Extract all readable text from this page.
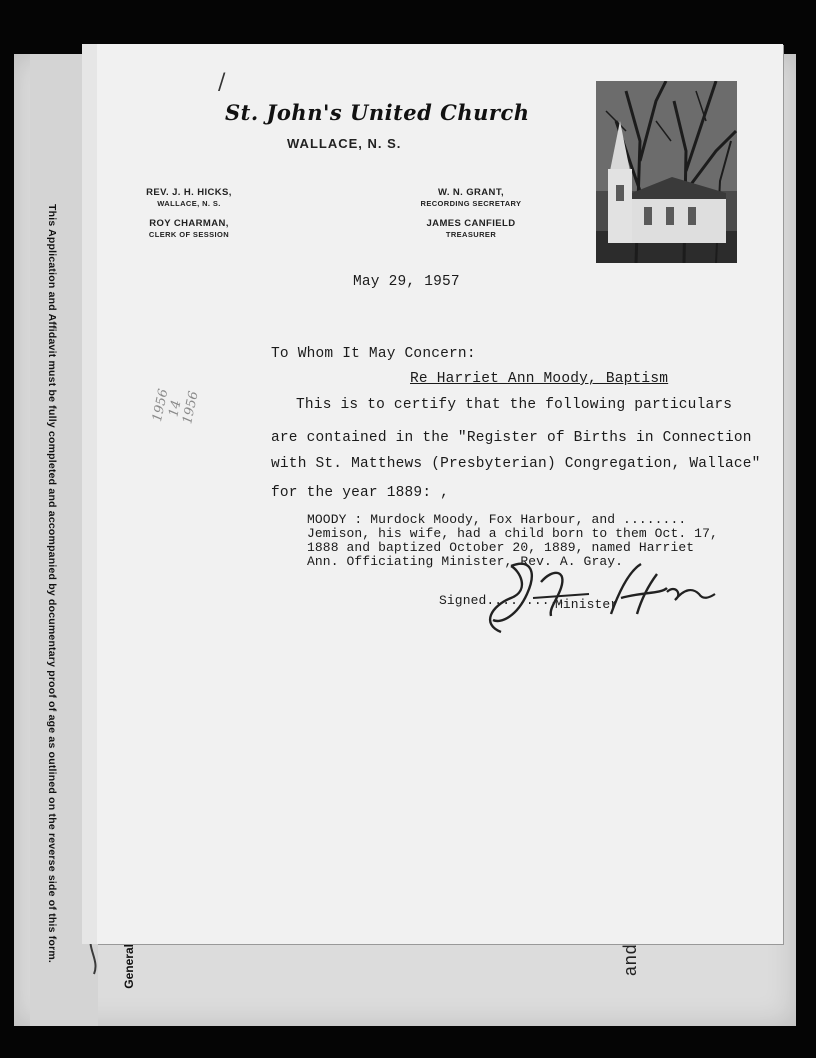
This Application and Affidavit must be fully completed and accompanied by documentary proof of age as outlined on the reverse side of this form.
General	and
St. John's United Church
WALLACE, N. S.
REV. J. H. HICKS,
WALLACE, N. S.
ROY CHARMAN,
CLERK OF SESSION
W. N. GRANT,
RECORDING SECRETARY
JAMES CANFIELD
TREASURER
May 29, 1957
To Whom It May Concern:
Re Harriet Ann Moody, Baptism
This is to certify that the following particulars
are contained in the "Register of Births in Connection
with St. Matthews (Presbyterian) Congregation, Wallace"
for the year 1889: ,
MOODY : Murdock Moody, Fox Harbour, and ........
Jemison, his wife, had a child born to them Oct. 17,
1888 and baptized October 20, 1889, named Harriet
Ann. Officiating Minister, Rev. A. Gray.
Signed..........
Minister
/
1956
14
1956
